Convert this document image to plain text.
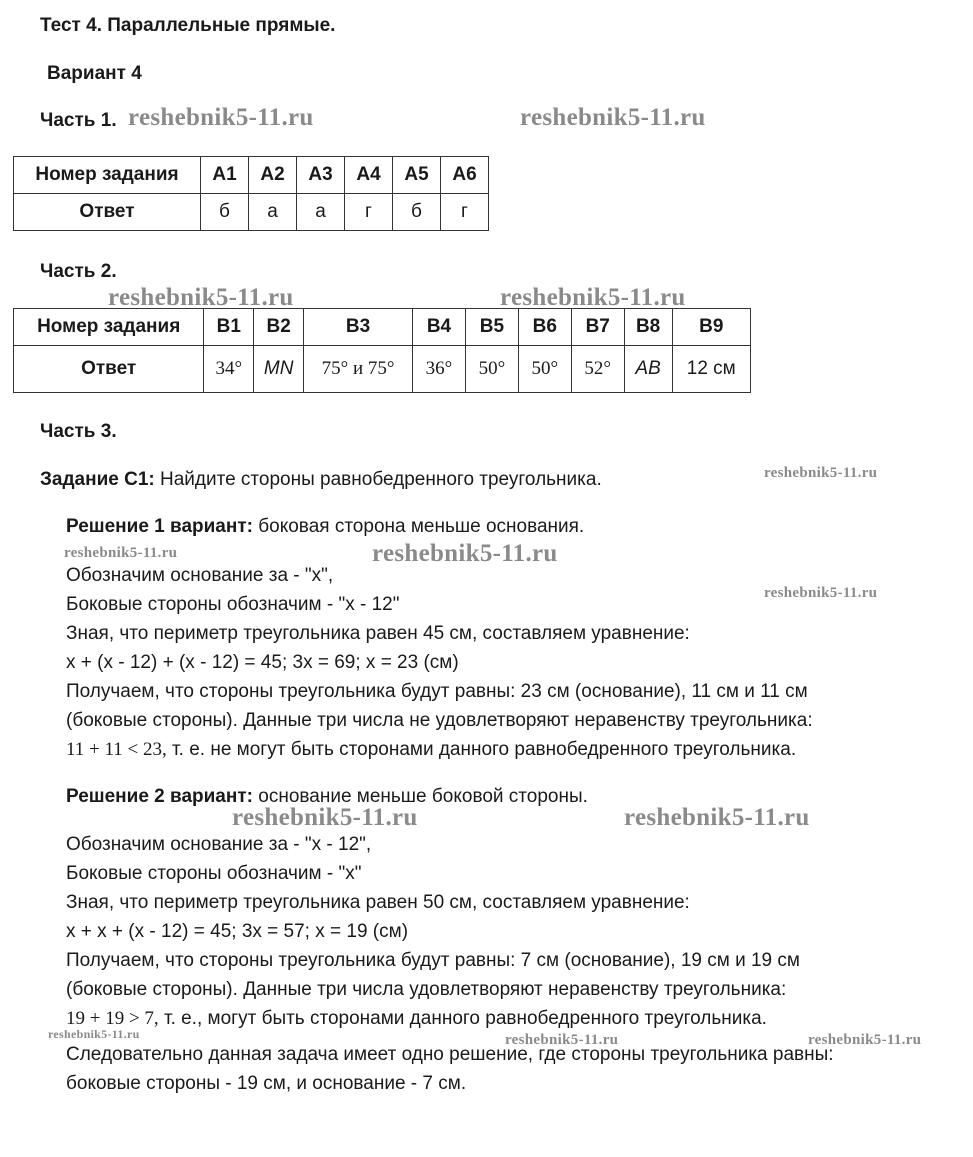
Тест 4. Параллельные прямые.
Вариант 4
Часть 1.
Номер задания	А1	А2	А3	А4	А5	А6
Ответ	б	а	а	г	б	г
Часть 2.
Номер задания	В1	В2	В3	В4	В5	В6	В7	В8	В9
Ответ	34°	MN	75° и 75°	36°	50°	50°	52°	AB	12 см
Часть 3.
Задание С1: Найдите стороны равнобедренного треугольника.
Решение 1 вариант: боковая сторона меньше основания.
Обозначим основание за - "x",
Боковые стороны обозначим - "x - 12"
Зная, что периметр треугольника равен 45 см, составляем уравнение:
x + (x - 12) + (x - 12) = 45; 3x = 69; x = 23 (см)
Получаем, что стороны треугольника будут равны: 23 см (основание), 11 см и 11 см
(боковые стороны). Данные три числа не удовлетворяют неравенству треугольника:
11 + 11 < 23, т. е. не могут быть сторонами данного равнобедренного треугольника.
Решение 2 вариант: основание меньше боковой стороны.
Обозначим основание за - "x - 12",
Боковые стороны обозначим - "x"
Зная, что периметр треугольника равен 50 см, составляем уравнение:
x + x + (x - 12) = 45; 3x = 57; x = 19 (см)
Получаем, что стороны треугольника будут равны: 7 см (основание), 19 см и 19 см
(боковые стороны). Данные три числа удовлетворяют неравенству треугольника:
19 + 19 > 7, т. е., могут быть сторонами данного равнобедренного треугольника.
Следовательно данная задача имеет одно решение, где стороны треугольника равны:
боковые стороны - 19 см, и основание - 7 см.
reshebnik5-11.ru	reshebnik5-11.ru
reshebnik5-11.ru	reshebnik5-11.ru
reshebnik5-11.ru
reshebnik5-11.ru	reshebnik5-11.ru
reshebnik5-11.ru
reshebnik5-11.ru	reshebnik5-11.ru
reshebnik5-11.ru	reshebnik5-11.ru	reshebnik5-11.ru
